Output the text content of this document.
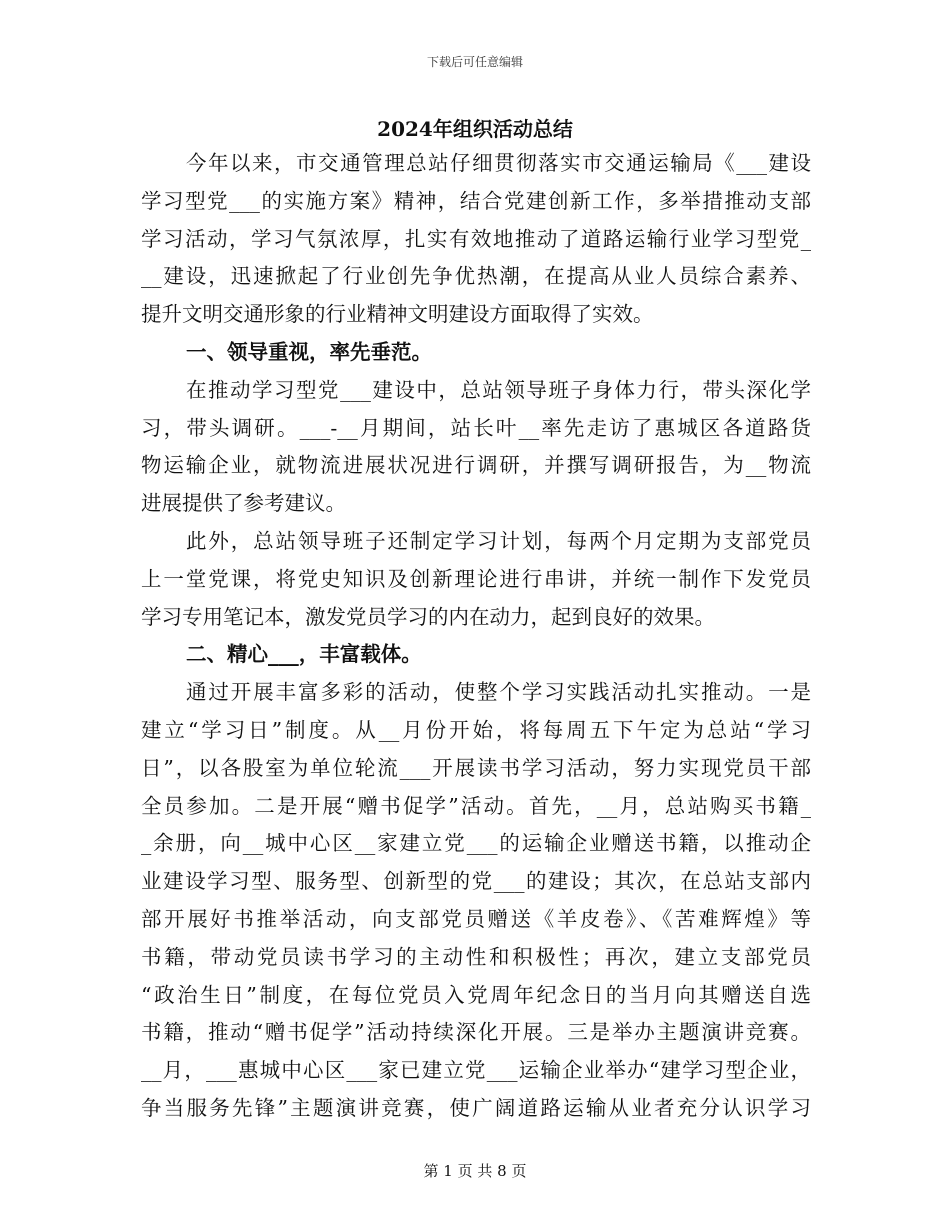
下载后可任意编辑
2024年组织活动总结
今年以来，市交通管理总站仔细贯彻落实市交通运输局《___建设
学习型党___的实施方案》精神，结合党建创新工作，多举措推动支部
学习活动，学习气氛浓厚，扎实有效地推动了道路运输行业学习型党_
__建设，迅速掀起了行业创先争优热潮，在提高从业人员综合素养、
提升文明交通形象的行业精神文明建设方面取得了实效。
一、领导重视，率先垂范。
在推动学习型党___建设中，总站领导班子身体力行，带头深化学
习，带头调研。___-__月期间，站长叶__率先走访了惠城区各道路货
物运输企业，就物流进展状况进行调研，并撰写调研报告，为__物流
进展提供了参考建议。
此外，总站领导班子还制定学习计划，每两个月定期为支部党员
上一堂党课，将党史知识及创新理论进行串讲，并统一制作下发党员
学习专用笔记本，激发党员学习的内在动力，起到良好的效果。
二、精心___，丰富载体。
通过开展丰富多彩的活动，使整个学习实践活动扎实推动。一是
建立“学习日”制度。从__月份开始，将每周五下午定为总站“学习
日”，以各股室为单位轮流___开展读书学习活动，努力实现党员干部
全员参加。二是开展“赠书促学”活动。首先，__月，总站购买书籍_
_余册，向__城中心区__家建立党___的运输企业赠送书籍，以推动企
业建设学习型、服务型、创新型的党___的建设；其次，在总站支部内
部开展好书推举活动，向支部党员赠送《羊皮卷》、《苦难辉煌》等
书籍，带动党员读书学习的主动性和积极性；再次，建立支部党员
“政治生日”制度，在每位党员入党周年纪念日的当月向其赠送自选
书籍，推动“赠书促学”活动持续深化开展。三是举办主题演讲竞赛。
__月，___惠城中心区___家已建立党___运输企业举办“建学习型企业，
争当服务先锋”主题演讲竞赛，使广阔道路运输从业者充分认识学习
第 1 页 共 8 页
